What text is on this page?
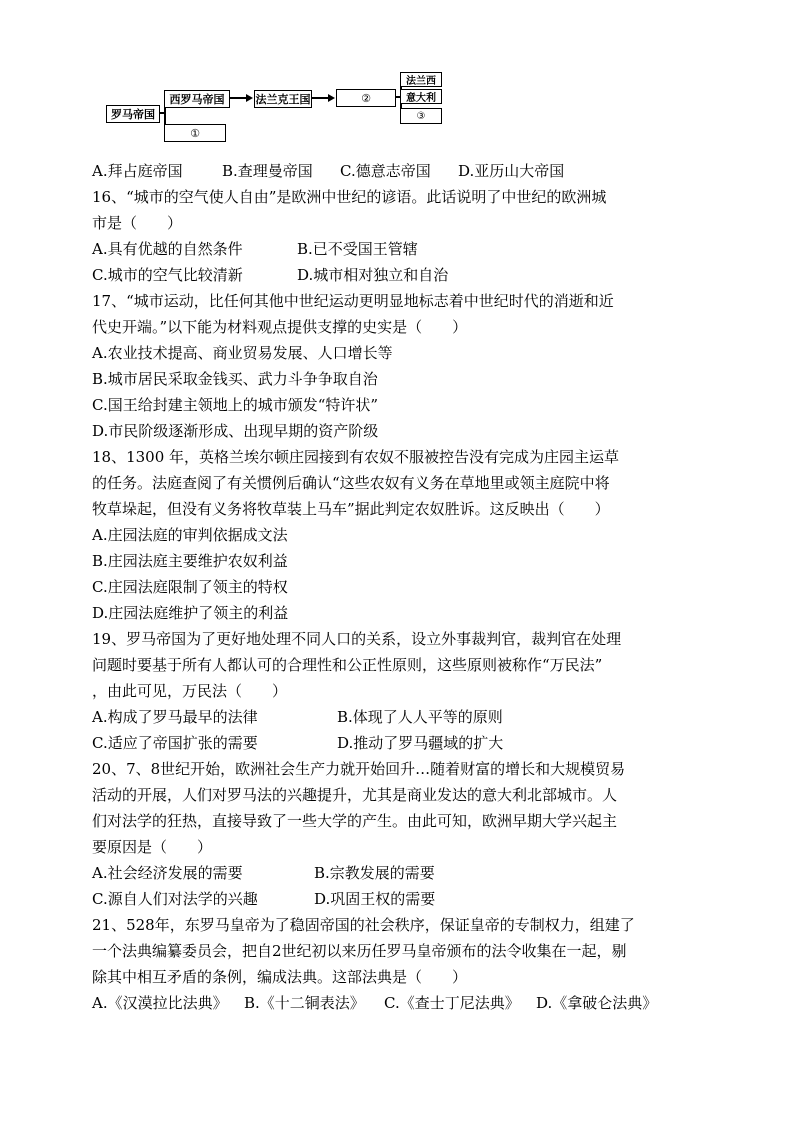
罗马帝国
西罗马帝国
①
法兰克王国	②
法兰西
意大利
③
A.拜占庭帝国	B.查理曼帝国	C.德意志帝国	D.亚历山大帝国
16、“城市的空气使人自由”是欧洲中世纪的谚语。此话说明了中世纪的欧洲城
市是（　　）
A.具有优越的自然条件	B.已不受国王管辖
C.城市的空气比较清新	D.城市相对独立和自治
17、“城市运动，比任何其他中世纪运动更明显地标志着中世纪时代的消逝和近
代史开端。”以下能为材料观点提供支撑的史实是（　　）
A.农业技术提高、商业贸易发展、人口增长等
B.城市居民采取金钱买、武力斗争争取自治
C.国王给封建主领地上的城市颁发“特许状”
D.市民阶级逐渐形成、出现早期的资产阶级
18、1300 年，英格兰埃尔顿庄园接到有农奴不服被控告没有完成为庄园主运草
的任务。法庭查阅了有关惯例后确认“这些农奴有义务在草地里或领主庭院中将
牧草垛起，但没有义务将牧草装上马车”据此判定农奴胜诉。这反映出（　　）
A.庄园法庭的审判依据成文法
B.庄园法庭主要维护农奴利益
C.庄园法庭限制了领主的特权
D.庄园法庭维护了领主的利益
19、罗马帝国为了更好地处理不同人口的关系，设立外事裁判官，裁判官在处理
问题时要基于所有人都认可的合理性和公正性原则，这些原则被称作“万民法”
，由此可见，万民法（　　）
A.构成了罗马最早的法律	B.体现了人人平等的原则
C.适应了帝国扩张的需要	D.推动了罗马疆域的扩大
20、7、8世纪开始，欧洲社会生产力就开始回升…随着财富的增长和大规模贸易
活动的开展，人们对罗马法的兴趣提升，尤其是商业发达的意大利北部城市。人
们对法学的狂热，直接导致了一些大学的产生。由此可知，欧洲早期大学兴起主
要原因是（　　）
A.社会经济发展的需要	B.宗教发展的需要
C.源自人们对法学的兴趣	D.巩固王权的需要
21、528年，东罗马皇帝为了稳固帝国的社会秩序，保证皇帝的专制权力，组建了
一个法典编纂委员会，把自2世纪初以来历任罗马皇帝颁布的法令收集在一起，剔
除其中相互矛盾的条例，编成法典。这部法典是（　　）
A.《汉漠拉比法典》	B.《十二铜表法》	C.《查士丁尼法典》	D.《拿破仑法典》
